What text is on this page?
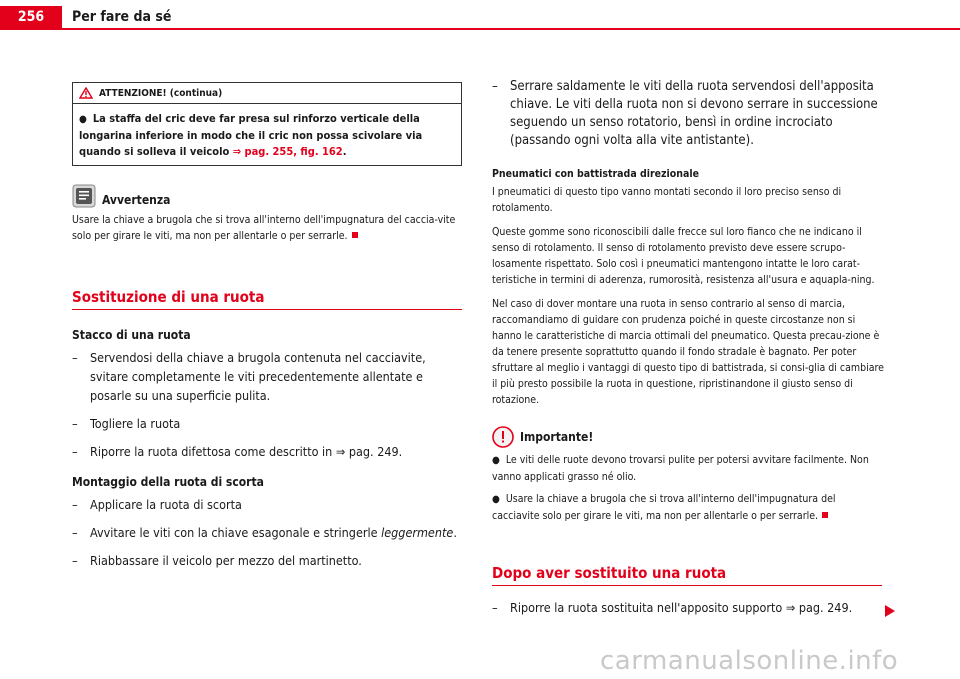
256	Per fare da sé
ATTENZIONE! (continua)
● La staffa del cric deve far presa sul rinforzo verticale della longarina inferiore in modo che il cric non possa scivolare via quando si solleva il veicolo ⇒ pag. 255, fig. 162.
Avvertenza
Usare la chiave a brugola che si trova all'interno dell'impugnatura del caccia-vite solo per girare le viti, ma non per allentarle o per serrarle.
Sostituzione di una ruota
Stacco di una ruota
– Servendosi della chiave a brugola contenuta nel cacciavite, svitare completamente le viti precedentemente allentate e posarle su una superficie pulita.
– Togliere la ruota
– Riporre la ruota difettosa come descritto in ⇒ pag. 249.
Montaggio della ruota di scorta
– Applicare la ruota di scorta
– Avvitare le viti con la chiave esagonale e stringerle leggermente.
– Riabbassare il veicolo per mezzo del martinetto.
– Serrare saldamente le viti della ruota servendosi dell'apposita chiave. Le viti della ruota non si devono serrare in successione seguendo un senso rotatorio, bensì in ordine incrociato (passando ogni volta alla vite antistante).
Pneumatici con battistrada direzionale

I pneumatici di questo tipo vanno montati secondo il loro preciso senso di rotolamento.

Queste gomme sono riconoscibili dalle frecce sul loro fianco che ne indicano il senso di rotolamento. Il senso di rotolamento previsto deve essere scrupo-losamente rispettato. Solo così i pneumatici mantengono intatte le loro carat-teristiche in termini di aderenza, rumorosità, resistenza all'usura e aquapla-ning.

Nel caso di dover montare una ruota in senso contrario al senso di marcia, raccomandiamo di guidare con prudenza poiché in queste circostanze non si hanno le caratteristiche di marcia ottimali del pneumatico. Questa precau-zione è da tenere presente soprattutto quando il fondo stradale è bagnato. Per poter sfruttare al meglio i vantaggi di questo tipo di battistrada, si consi-glia di cambiare il più presto possibile la ruota in questione, ripristinandone il giusto senso di rotazione.

Importante!
● Le viti delle ruote devono trovarsi pulite per potersi avvitare facilmente. Non vanno applicati grasso né olio.
● Usare la chiave a brugola che si trova all'interno dell'impugnatura del cacciavite solo per girare le viti, ma non per allentarle o per serrarle.
Dopo aver sostituito una ruota
– Riporre la ruota sostituita nell'apposito supporto ⇒ pag. 249.
carmanualsonline.info
